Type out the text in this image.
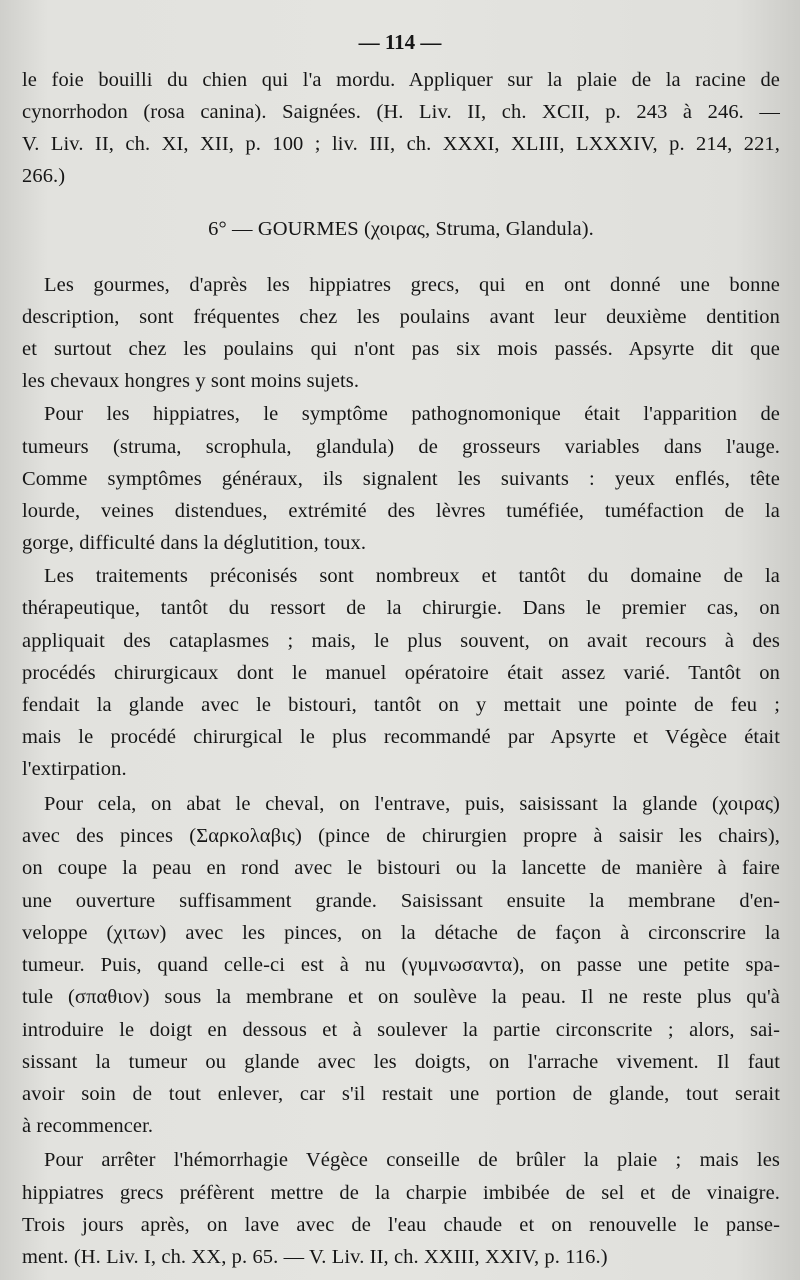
— 114 —
le foie bouilli du chien qui l'a mordu. Appliquer sur la plaie de la racine de
cynorrhodon (rosa canina). Saignées. (H. Liv. II, ch. XCII, p. 243 à 246. —
V. Liv. II, ch. XI, XII, p. 100 ; liv. III, ch. XXXI, XLIII, LXXXIV, p. 214, 221,
266.)
6° — GOURMES (χοιρας, Struma, Glandula).
Les gourmes, d'après les hippiatres grecs, qui en ont donné une bonne
description, sont fréquentes chez les poulains avant leur deuxième dentition
et surtout chez les poulains qui n'ont pas six mois passés. Apsyrte dit que
les chevaux hongres y sont moins sujets.
Pour les hippiatres, le symptôme pathognomonique était l'apparition de
tumeurs (struma, scrophula, glandula) de grosseurs variables dans l'auge.
Comme symptômes généraux, ils signalent les suivants : yeux enflés, tête
lourde, veines distendues, extrémité des lèvres tuméfiée, tuméfaction de la
gorge, difficulté dans la déglutition, toux.
Les traitements préconisés sont nombreux et tantôt du domaine de la
thérapeutique, tantôt du ressort de la chirurgie. Dans le premier cas, on
appliquait des cataplasmes ; mais, le plus souvent, on avait recours à des
procédés chirurgicaux dont le manuel opératoire était assez varié. Tantôt on
fendait la glande avec le bistouri, tantôt on y mettait une pointe de feu ;
mais le procédé chirurgical le plus recommandé par Apsyrte et Végèce était
l'extirpation.
Pour cela, on abat le cheval, on l'entrave, puis, saisissant la glande (χοιρας)
avec des pinces (Σαρκολαβις) (pince de chirurgien propre à saisir les chairs),
on coupe la peau en rond avec le bistouri ou la lancette de manière à faire
une ouverture suffisamment grande. Saisissant ensuite la membrane d'en-
veloppe (χιτων) avec les pinces, on la détache de façon à circonscrire la
tumeur. Puis, quand celle-ci est à nu (γυμνωσαντα), on passe une petite spa-
tule (σπαθιον) sous la membrane et on soulève la peau. Il ne reste plus qu'à
introduire le doigt en dessous et à soulever la partie circonscrite ; alors, sai-
sissant la tumeur ou glande avec les doigts, on l'arrache vivement. Il faut
avoir soin de tout enlever, car s'il restait une portion de glande, tout serait
à recommencer.
Pour arrêter l'hémorrhagie Végèce conseille de brûler la plaie ; mais les
hippiatres grecs préfèrent mettre de la charpie imbibée de sel et de vinaigre.
Trois jours après, on lave avec de l'eau chaude et on renouvelle le panse-
ment. (H. Liv. I, ch. XX, p. 65. — V. Liv. II, ch. XXIII, XXIV, p. 116.)
